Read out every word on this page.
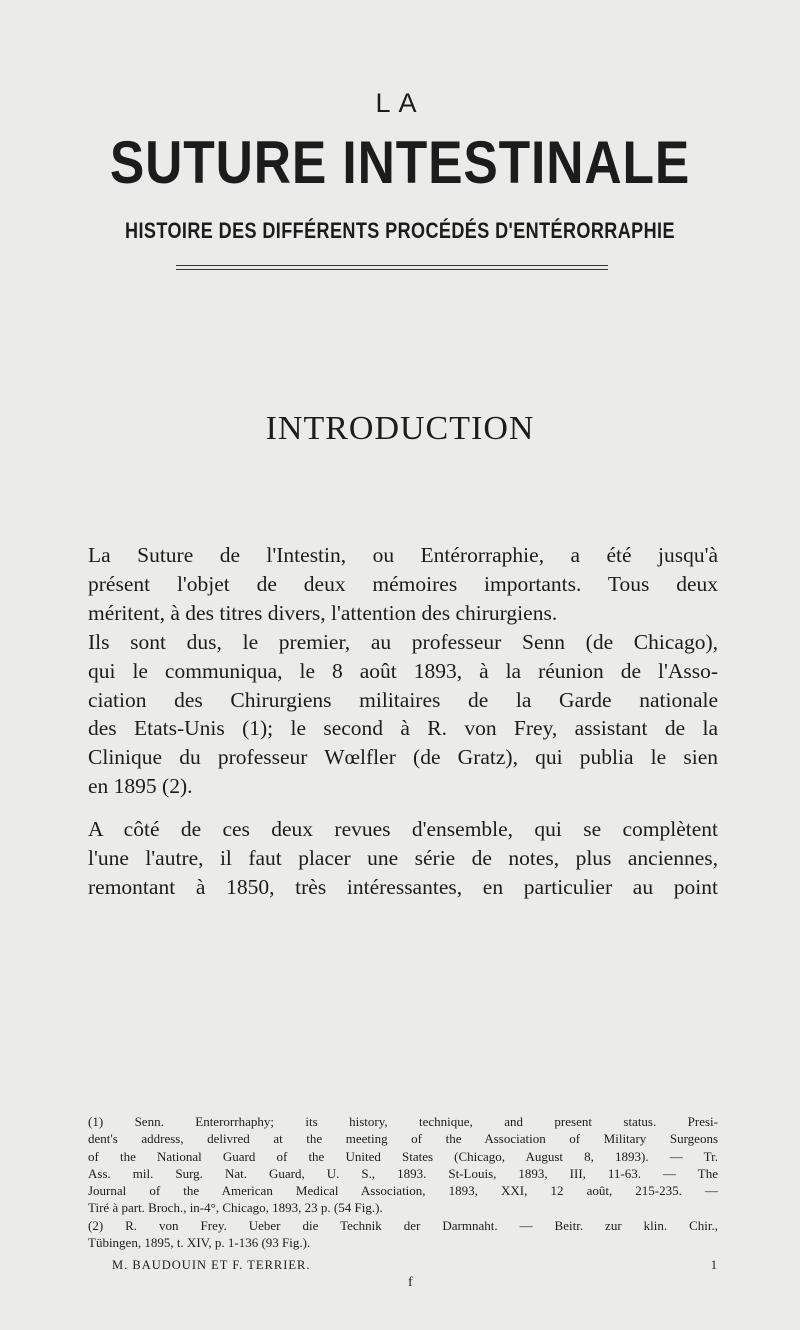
LA
SUTURE INTESTINALE
HISTOIRE DES DIFFÉRENTS PROCÉDÉS D'ENTÉRORRAPHIE
INTRODUCTION
La Suture de l'Intestin, ou Entérorraphie, a été jusqu'à
présent l'objet de deux mémoires importants. Tous deux
méritent, à des titres divers, l'attention des chirurgiens.
Ils sont dus, le premier, au professeur Senn (de Chicago),
qui le communiqua, le 8 août 1893, à la réunion de l'Asso-
ciation des Chirurgiens militaires de la Garde nationale
des Etats-Unis (1); le second à R. von Frey, assistant de la
Clinique du professeur Wœlfler (de Gratz), qui publia le sien
en 1895 (2).
A côté de ces deux revues d'ensemble, qui se complètent
l'une l'autre, il faut placer une série de notes, plus anciennes,
remontant à 1850, très intéressantes, en particulier au point
(1) Senn. Enterorrhaphy; its history, technique, and present status. Presi-
dent's address, delivred at the meeting of the Association of Military Surgeons
of the National Guard of the United States (Chicago, August 8, 1893). — Tr.
Ass. mil. Surg. Nat. Guard, U. S., 1893. St-Louis, 1893, III, 11-63. — The
Journal of the American Medical Association, 1893, XXI, 12 août, 215-235. —
Tiré à part. Broch., in-4°, Chicago, 1893, 23 p. (54 Fig.).
(2) R. von Frey. Ueber die Technik der Darmnaht. — Beitr. zur klin. Chir.,
Tübingen, 1895, t. XIV, p. 1-136 (93 Fig.).
M. BAUDOUIN ET F. TERRIER.	1
f
